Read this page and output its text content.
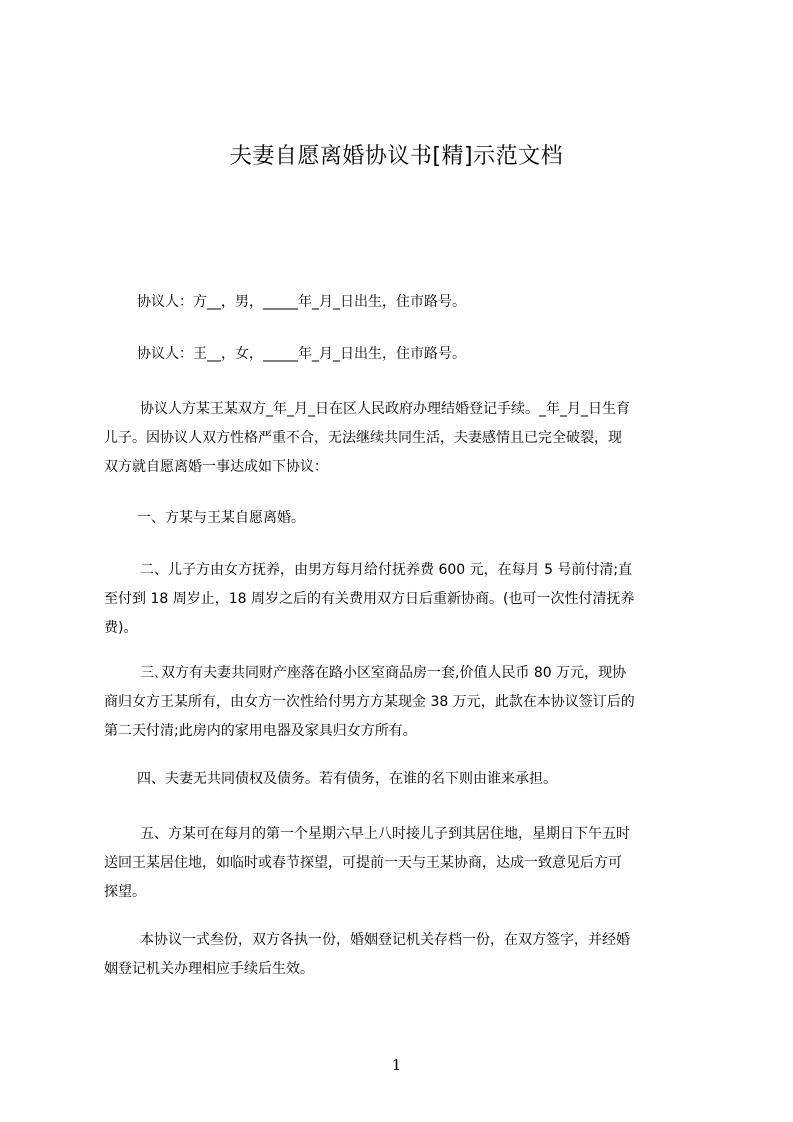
夫妻自愿离婚协议书[精]示范文档
协议人：方__，男，_____年_月_日出生，住市路号。
协议人：王__，女，_____年_月_日出生，住市路号。
协议人方某王某双方_年_月_日在区人民政府办理结婚登记手续。_年_月_日生育
儿子。因协议人双方性格严重不合，无法继续共同生活，夫妻感情且已完全破裂，现
双方就自愿离婚一事达成如下协议：
一、方某与王某自愿离婚。
二、儿子方由女方抚养，由男方每月给付抚养费 600 元，在每月 5 号前付清;直
至付到 18 周岁止，18 周岁之后的有关费用双方日后重新协商。(也可一次性付清抚养
费)。
三､双方有夫妻共同财产座落在路小区室商品房一套,价值人民币 80 万元，现协
商归女方王某所有，由女方一次性给付男方方某现金 38 万元，此款在本协议签订后的
第二天付清;此房内的家用电器及家具归女方所有。
四、夫妻无共同债权及债务。若有债务，在谁的名下则由谁来承担。
五、方某可在每月的第一个星期六早上八时接儿子到其居住地，星期日下午五时
送回王某居住地，如临时或春节探望，可提前一天与王某协商，达成一致意见后方可
探望。
本协议一式叁份，双方各执一份，婚姻登记机关存档一份，在双方签字，并经婚
姻登记机关办理相应手续后生效。
1
